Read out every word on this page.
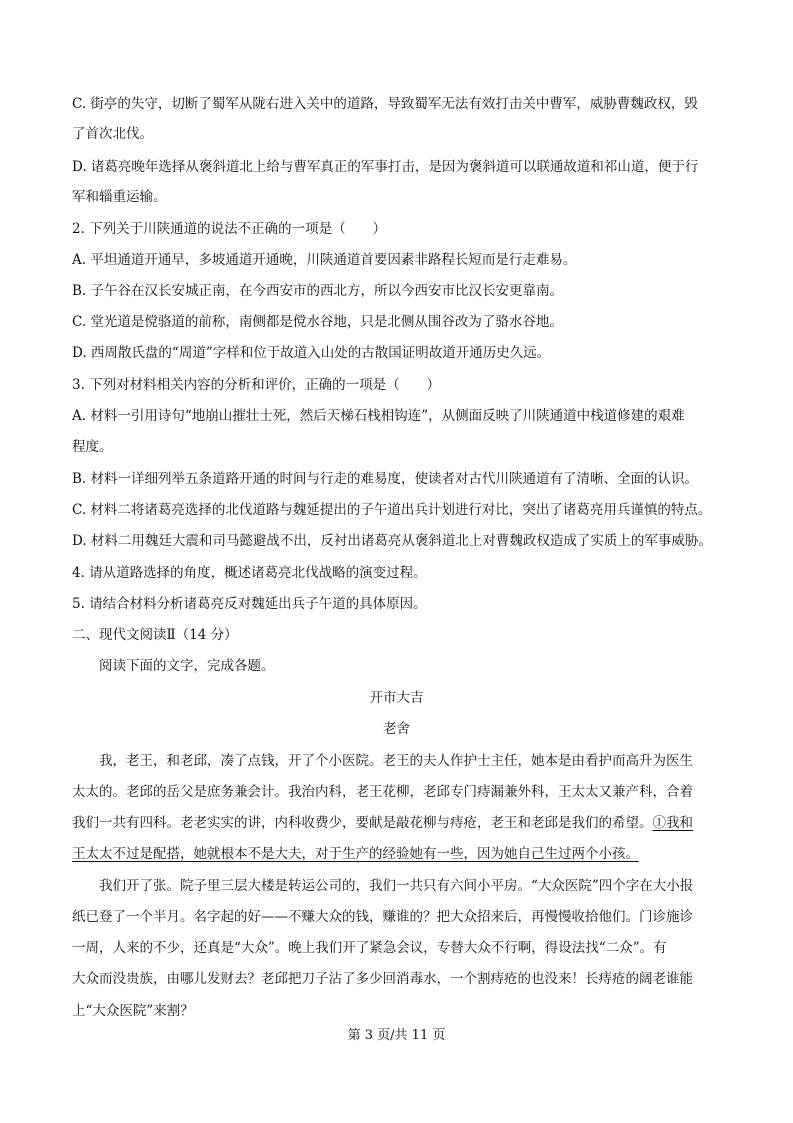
C. 街亭的失守，切断了蜀军从陇右进入关中的道路，导致蜀军无法有效打击关中曹军，威胁曹魏政权，毁
了首次北伐。
D. 诸葛亮晚年选择从褒斜道北上给与曹军真正的军事打击，是因为褒斜道可以联通故道和祁山道，便于行
军和辎重运输。
2. 下列关于川陕通道的说法不正确的一项是（　　）
A. 平坦通道开通早，多坡通道开通晚，川陕通道首要因素非路程长短而是行走难易。
B. 子午谷在汉长安城正南，在今西安市的西北方，所以今西安市比汉长安更靠南。
C. 堂光道是傥骆道的前称，南侧都是傥水谷地，只是北侧从围谷改为了骆水谷地。
D. 西周散氏盘的“周道”字样和位于故道入山处的古散国证明故道开通历史久远。
3. 下列对材料相关内容的分析和评价，正确的一项是（　　）
A. 材料一引用诗句“地崩山摧壮士死，然后天梯石栈相钩连”，从侧面反映了川陕通道中栈道修建的艰难
程度。
B. 材料一详细列举五条道路开通的时间与行走的难易度，使读者对古代川陕通道有了清晰、全面的认识。
C. 材料二将诸葛亮选择的北伐道路与魏延提出的子午道出兵计划进行对比，突出了诸葛亮用兵谨慎的特点。
D. 材料二用魏廷大震和司马懿避战不出，反衬出诸葛亮从褒斜道北上对曹魏政权造成了实质上的军事威胁。
4. 请从道路选择的角度，概述诸葛亮北伐战略的演变过程。
5. 请结合材料分析诸葛亮反对魏延出兵子午道的具体原因。
二、现代文阅读Ⅱ（14 分）
阅读下面的文字，完成各题。
开市大吉
老舍
我，老王，和老邱，凑了点钱，开了个小医院。老王的夫人作护士主任，她本是由看护而高升为医生
太太的。老邱的岳父是庶务兼会计。我治内科，老王花柳，老邱专门痔漏兼外科，王太太又兼产科，合着
我们一共有四科。老老实实的讲，内科收费少，要献是敲花柳与痔疮，老王和老邱是我们的希望。①我和
王太太不过是配搭，她就根本不是大夫，对于生产的经验她有一些，因为她自己生过两个小孩。
我们开了张。院子里三层大楼是转运公司的，我们一共只有六间小平房。“大众医院”四个字在大小报
纸已登了一个半月。名字起的好——不赚大众的钱，赚谁的？把大众招来后，再慢慢收拾他们。门诊施诊
一周，人来的不少，还真是“大众”。晚上我们开了紧急会议，专替大众不行啊，得设法找“二众”。有
大众而没贵族，由哪儿发财去？老邱把刀子沾了多少回消毒水，一个割痔疮的也没来！长痔疮的阔老谁能
上“大众医院”来割？
第 3 页/共 11 页
